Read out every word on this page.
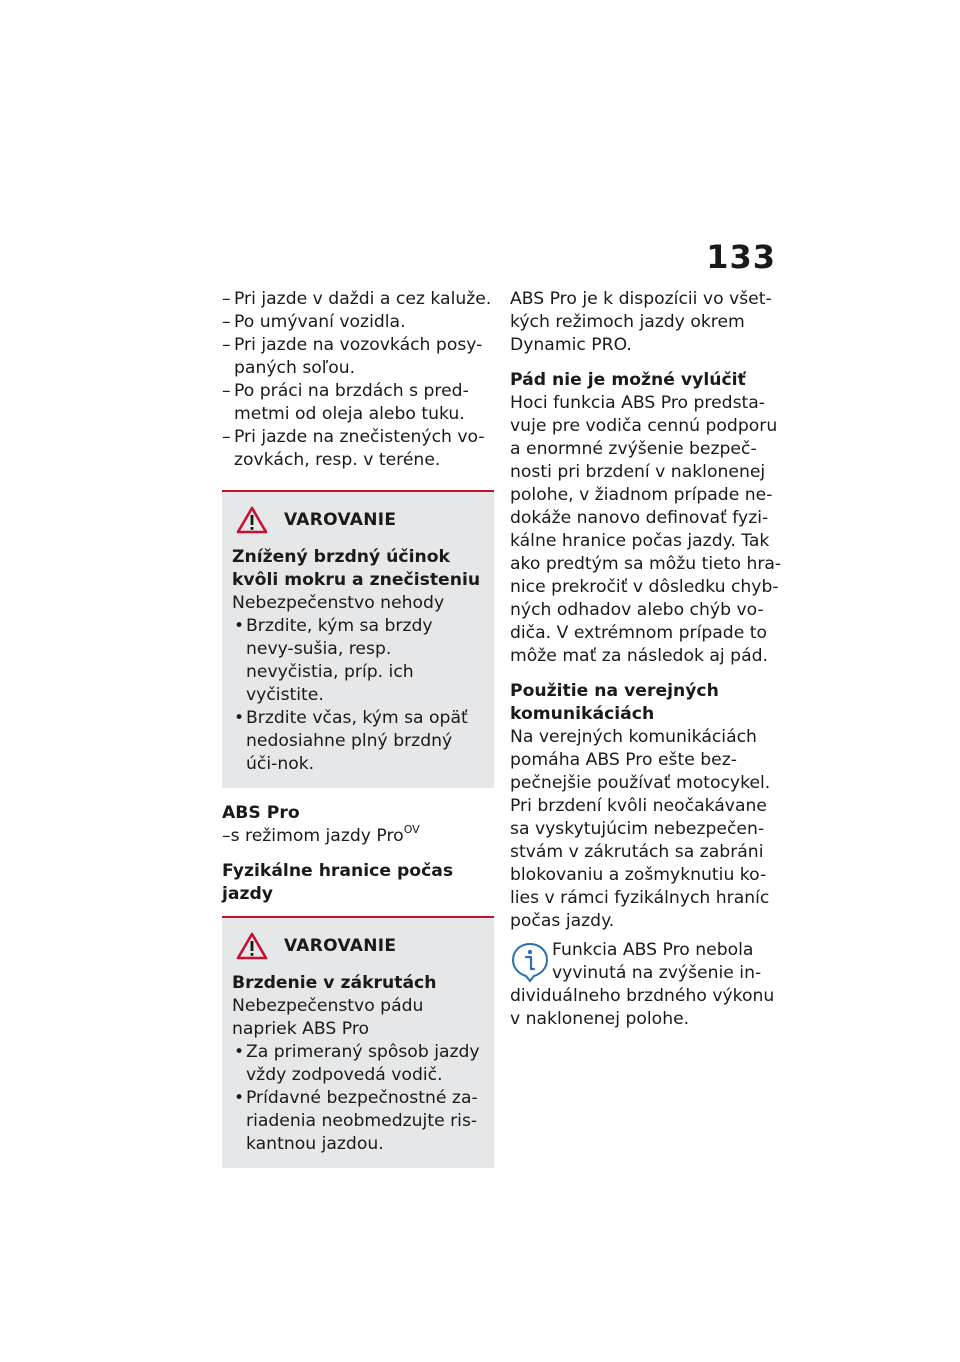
133
– Pri jazde v daždi a cez kaluže.
– Po umývaní vozidla.
– Pri jazde na vozovkách posy-paných soľou.
– Po práci na brzdách s pred-metmi od oleja alebo tuku.
– Pri jazde na znečistených vo-zovkách, resp. v teréne.
VAROVANIE
Znížený brzdný účinok kvôli mokru a znečisteniu
Nebezpečenstvo nehody
• Brzdite, kým sa brzdy nevy-sušia, resp. nevyčistia, príp. ich vyčistite.
• Brzdite včas, kým sa opäť nedosiahne plný brzdný úči-nok.
ABS Pro
–s režimom jazdy Pro$^{OV}$
Fyzikálne hranice počas jazdy
VAROVANIE
Brzdenie v zákrutách
Nebezpečenstvo pádu napriek ABS Pro
• Za primeraný spôsob jazdy vždy zodpovedá vodič.
• Prídavné bezpečnostné za-riadenia neobmedzujte ris-kantnou jazdou.

ABS Pro je k dispozícii vo všet-kých režimoch jazdy okrem Dynamic PRO.

Pád nie je možné vylúčiť

Hoci funkcia ABS Pro predsta-vuje pre vodiča cennú podporu a enormné zvýšenie bezpeč-nosti pri brzdení v naklonenej polohe, v žiadnom prípade ne-dokáže nanovo definovať fyzi-kálne hranice počas jazdy. Tak ako predtým sa môžu tieto hra-nice prekročiť v dôsledku chyb-ných odhadov alebo chýb vo-diča. V extrémnom prípade to môže mať za následok aj pád.

Použitie na verejných komunikáciách

Na verejných komunikáciách pomáha ABS Pro ešte bez-pečnejšie používať motocykel. Pri brzdení kvôli neočakávane sa vyskytujúcim nebezpečen-stvám v zákrutách sa zabráni blokovaniu a zošmyknutiu ko-lies v rámci fyzikálnych hraníc počas jazdy.

Funkcia ABS Pro nebola vyvinutá na zvýšenie in-dividuálneho brzdného výkonu v naklonenej polohe.
